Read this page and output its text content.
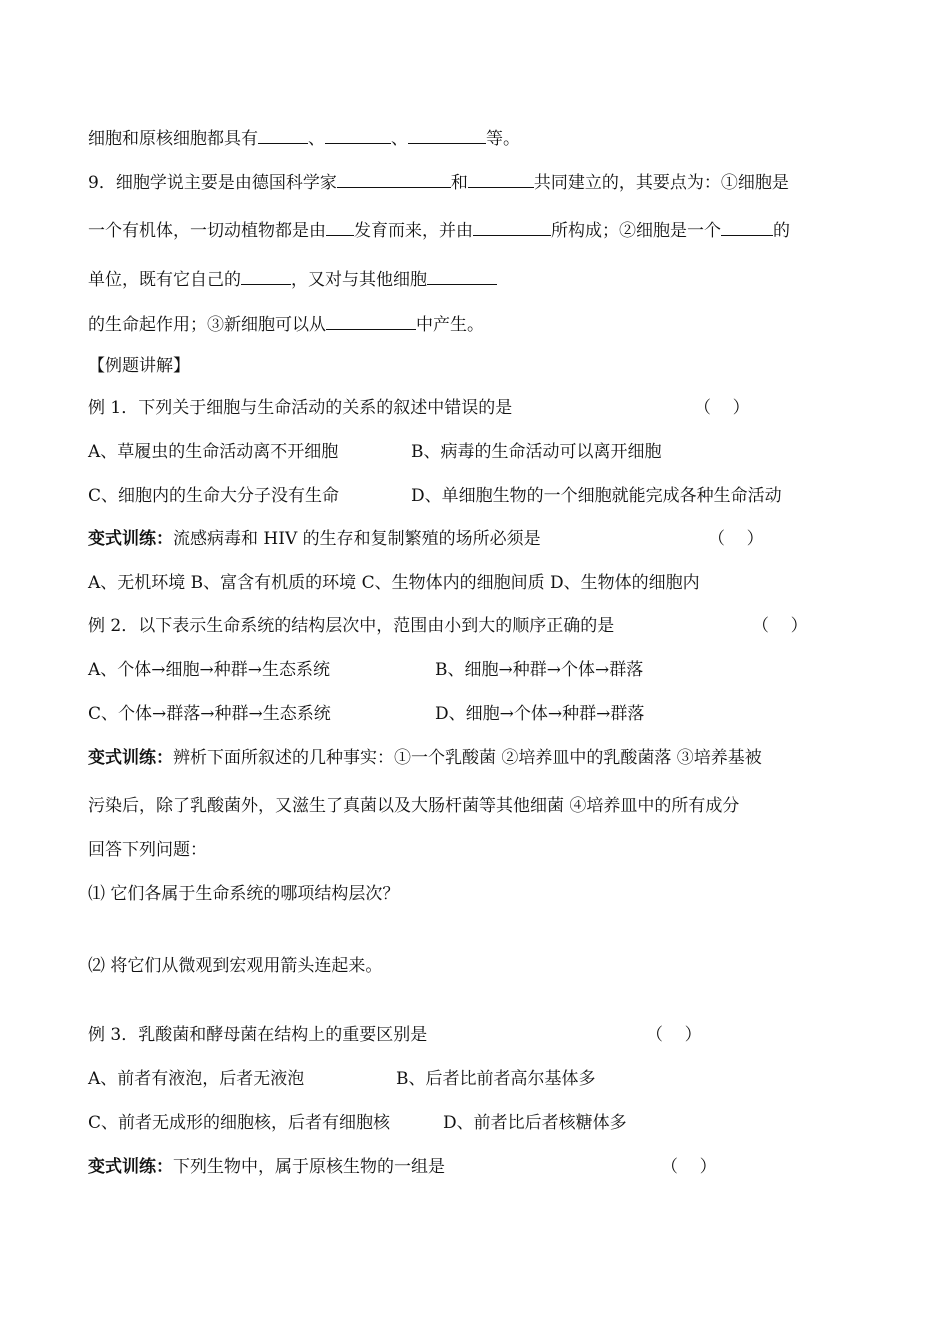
细胞和原核细胞都具有	、	、	等。
9．细胞学说主要是由德国科学家	和	共同建立的，其要点为：①细胞是
一个有机体，一切动植物都是由 发育而来，并由	所构成；②细胞是一个	的
单位，既有它自己的	，又对与其他细胞
的生命起作用；③新细胞可以从	中产生。
【例题讲解】
例 1．下列关于细胞与生命活动的关系的叙述中错误的是	（    ）
A、草履虫的生命活动离不开细胞	B、病毒的生命活动可以离开细胞
C、细胞内的生命大分子没有生命	D、单细胞生物的一个细胞就能完成各种生命活动
变式训练：流感病毒和 HIV 的生存和复制繁殖的场所必须是	（    ）
A、无机环境 B、富含有机质的环境 C、生物体内的细胞间质 D、生物体的细胞内
例 2．以下表示生命系统的结构层次中，范围由小到大的顺序正确的是	（    ）
A、个体→细胞→种群→生态系统	B、细胞→种群→个体→群落
C、个体→群落→种群→生态系统	D、细胞→个体→种群→群落
变式训练：辨析下面所叙述的几种事实：①一个乳酸菌 ②培养皿中的乳酸菌落 ③培养基被
污染后，除了乳酸菌外，又滋生了真菌以及大肠杆菌等其他细菌 ④培养皿中的所有成分
回答下列问题：
⑴ 它们各属于生命系统的哪项结构层次？
⑵ 将它们从微观到宏观用箭头连起来。
例 3．乳酸菌和酵母菌在结构上的重要区别是	（    ）
A、前者有液泡，后者无液泡	B、后者比前者高尔基体多
C、前者无成形的细胞核，后者有细胞核	D、前者比后者核糖体多
变式训练：下列生物中，属于原核生物的一组是	（    ）
